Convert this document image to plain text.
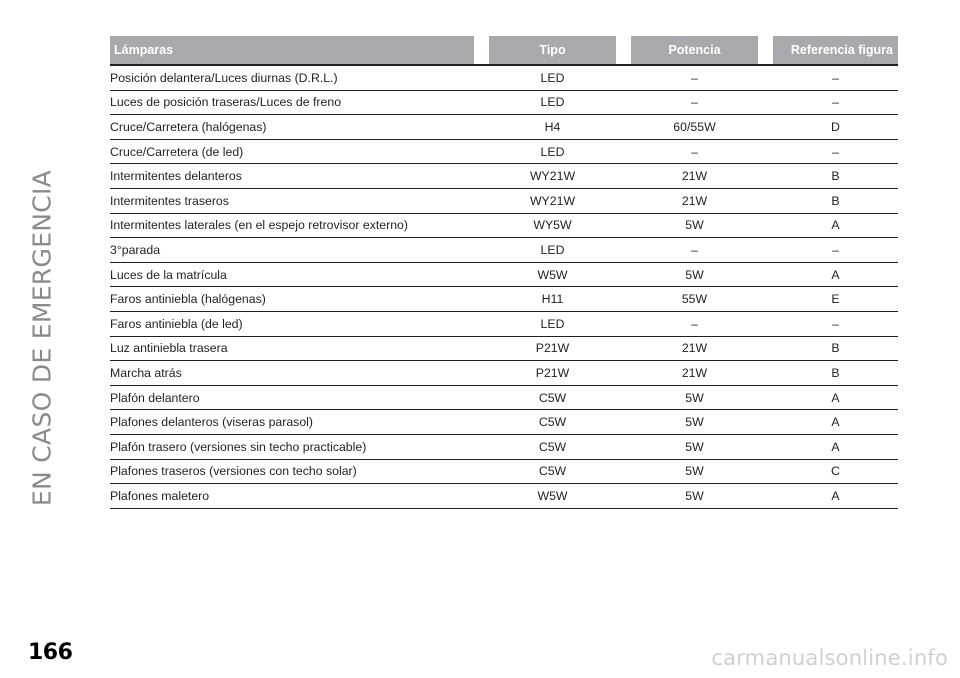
EN CASO DE EMERGENCIA
Lámparas		Tipo		Potencia		Referencia figura
Posición delantera/Luces diurnas (D.R.L.)		LED		–		–
Luces de posición traseras/Luces de freno		LED		–		–
Cruce/Carretera (halógenas)		H4		60/55W		D
Cruce/Carretera (de led)		LED		–		–
Intermitentes delanteros		WY21W		21W		B
Intermitentes traseros		WY21W		21W		B
Intermitentes laterales (en el espejo retrovisor externo)		WY5W		5W		A
3°parada		LED		–		–
Luces de la matrícula		W5W		5W		A
Faros antiniebla (halógenas)		H11		55W		E
Faros antiniebla (de led)		LED		–		–
Luz antiniebla trasera		P21W		21W		B
Marcha atrás		P21W		21W		B
Plafón delantero		C5W		5W		A
Plafones delanteros (viseras parasol)		C5W		5W		A
Plafón trasero (versiones sin techo practicable)		C5W		5W		A
Plafones traseros (versiones con techo solar)		C5W		5W		C
Plafones maletero		W5W		5W		A
166	carmanualsonline.info
